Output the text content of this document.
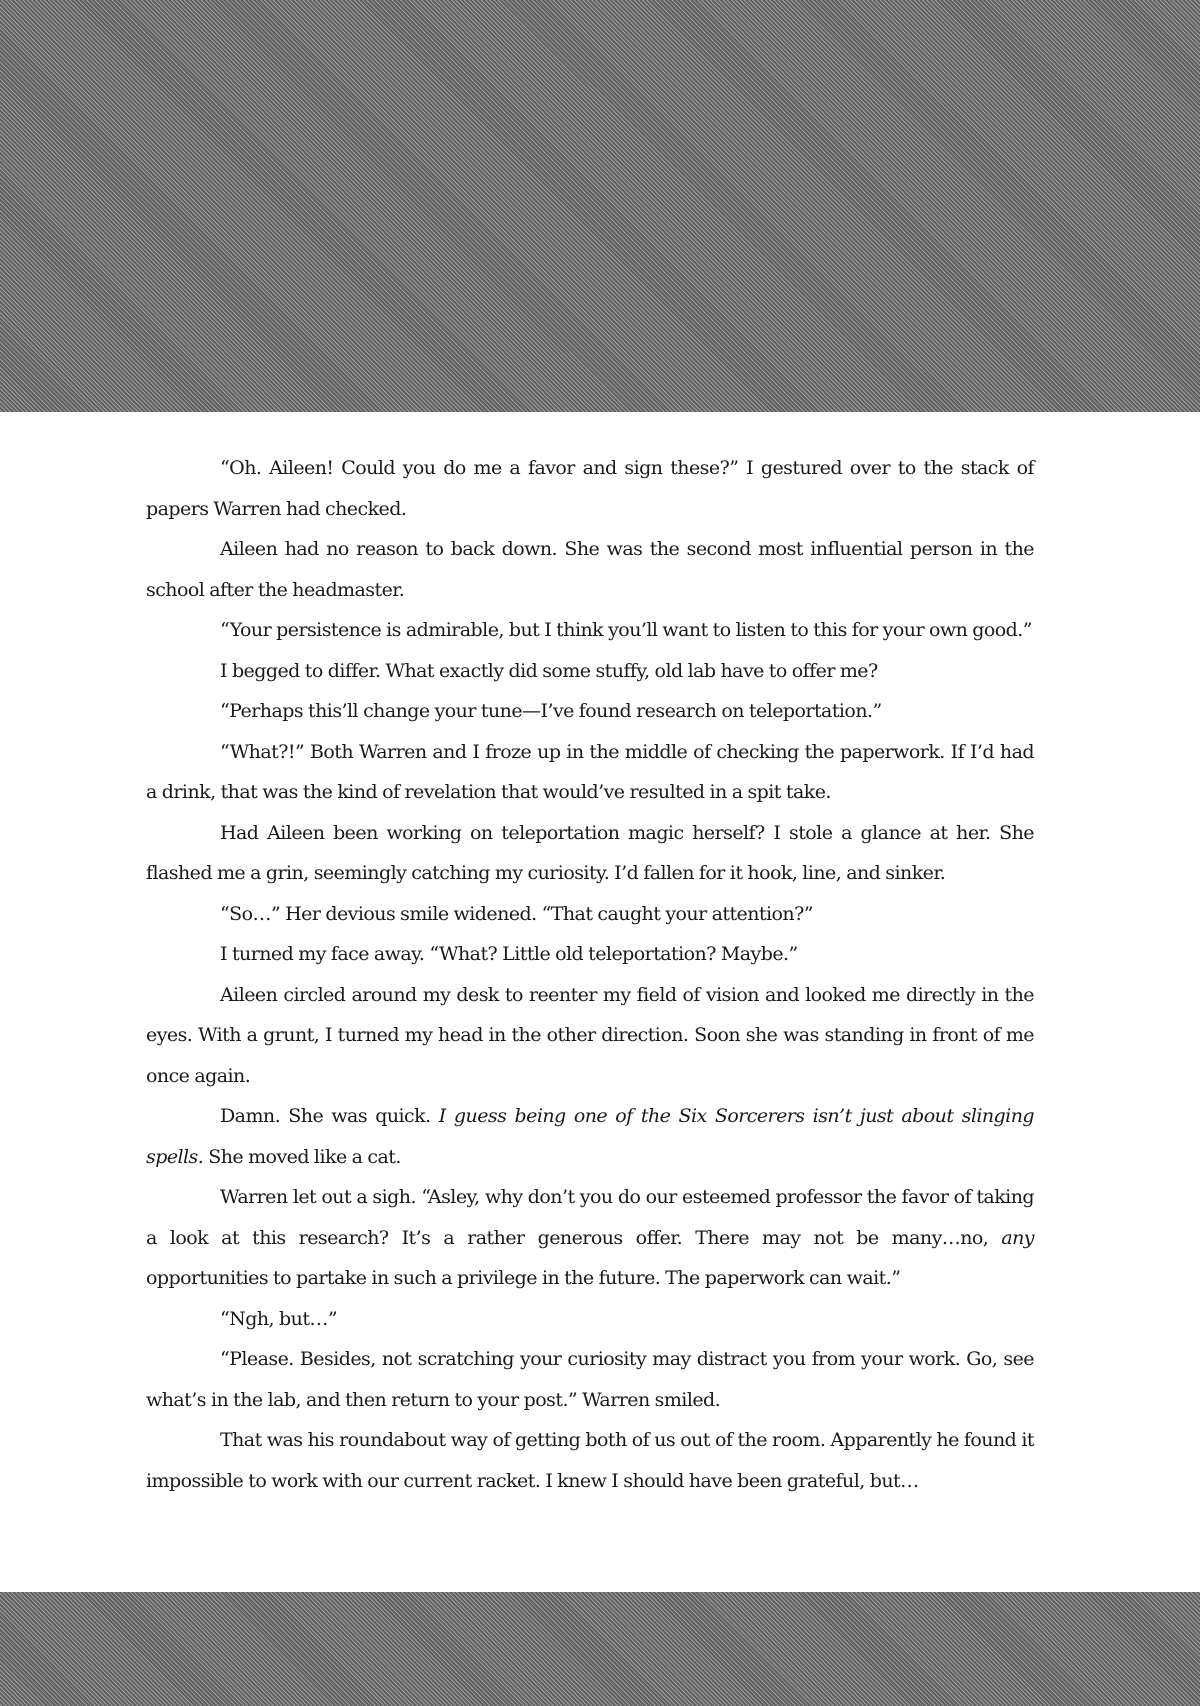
“Oh. Aileen! Could you do me a favor and sign these?” I gestured over to the stack of papers Warren had checked.

Aileen had no reason to back down. She was the second most influential person in the school after the headmaster.

“Your persistence is admirable, but I think you’ll want to listen to this for your own good.”

I begged to differ. What exactly did some stuffy, old lab have to offer me?

“Perhaps this’ll change your tune—I’ve found research on teleportation.”

“What?!” Both Warren and I froze up in the middle of checking the paperwork. If I’d had a drink, that was the kind of revelation that would’ve resulted in a spit take.

Had Aileen been working on teleportation magic herself? I stole a glance at her. She flashed me a grin, seemingly catching my curiosity. I’d fallen for it hook, line, and sinker.

“So…” Her devious smile widened. “That caught your attention?”

I turned my face away. “What? Little old teleportation? Maybe.”

Aileen circled around my desk to reenter my field of vision and looked me directly in the eyes. With a grunt, I turned my head in the other direction. Soon she was standing in front of me once again.

Damn. She was quick. I guess being one of the Six Sorcerers isn’t just about slinging spells. She moved like a cat.

Warren let out a sigh. “Asley, why don’t you do our esteemed professor the favor of taking a look at this research? It’s a rather generous offer. There may not be many…no, any opportunities to partake in such a privilege in the future. The paperwork can wait.”

“Ngh, but…”

“Please. Besides, not scratching your curiosity may distract you from your work. Go, see what’s in the lab, and then return to your post.” Warren smiled.

That was his roundabout way of getting both of us out of the room. Apparently he found it impossible to work with our current racket. I knew I should have been grateful, but…
